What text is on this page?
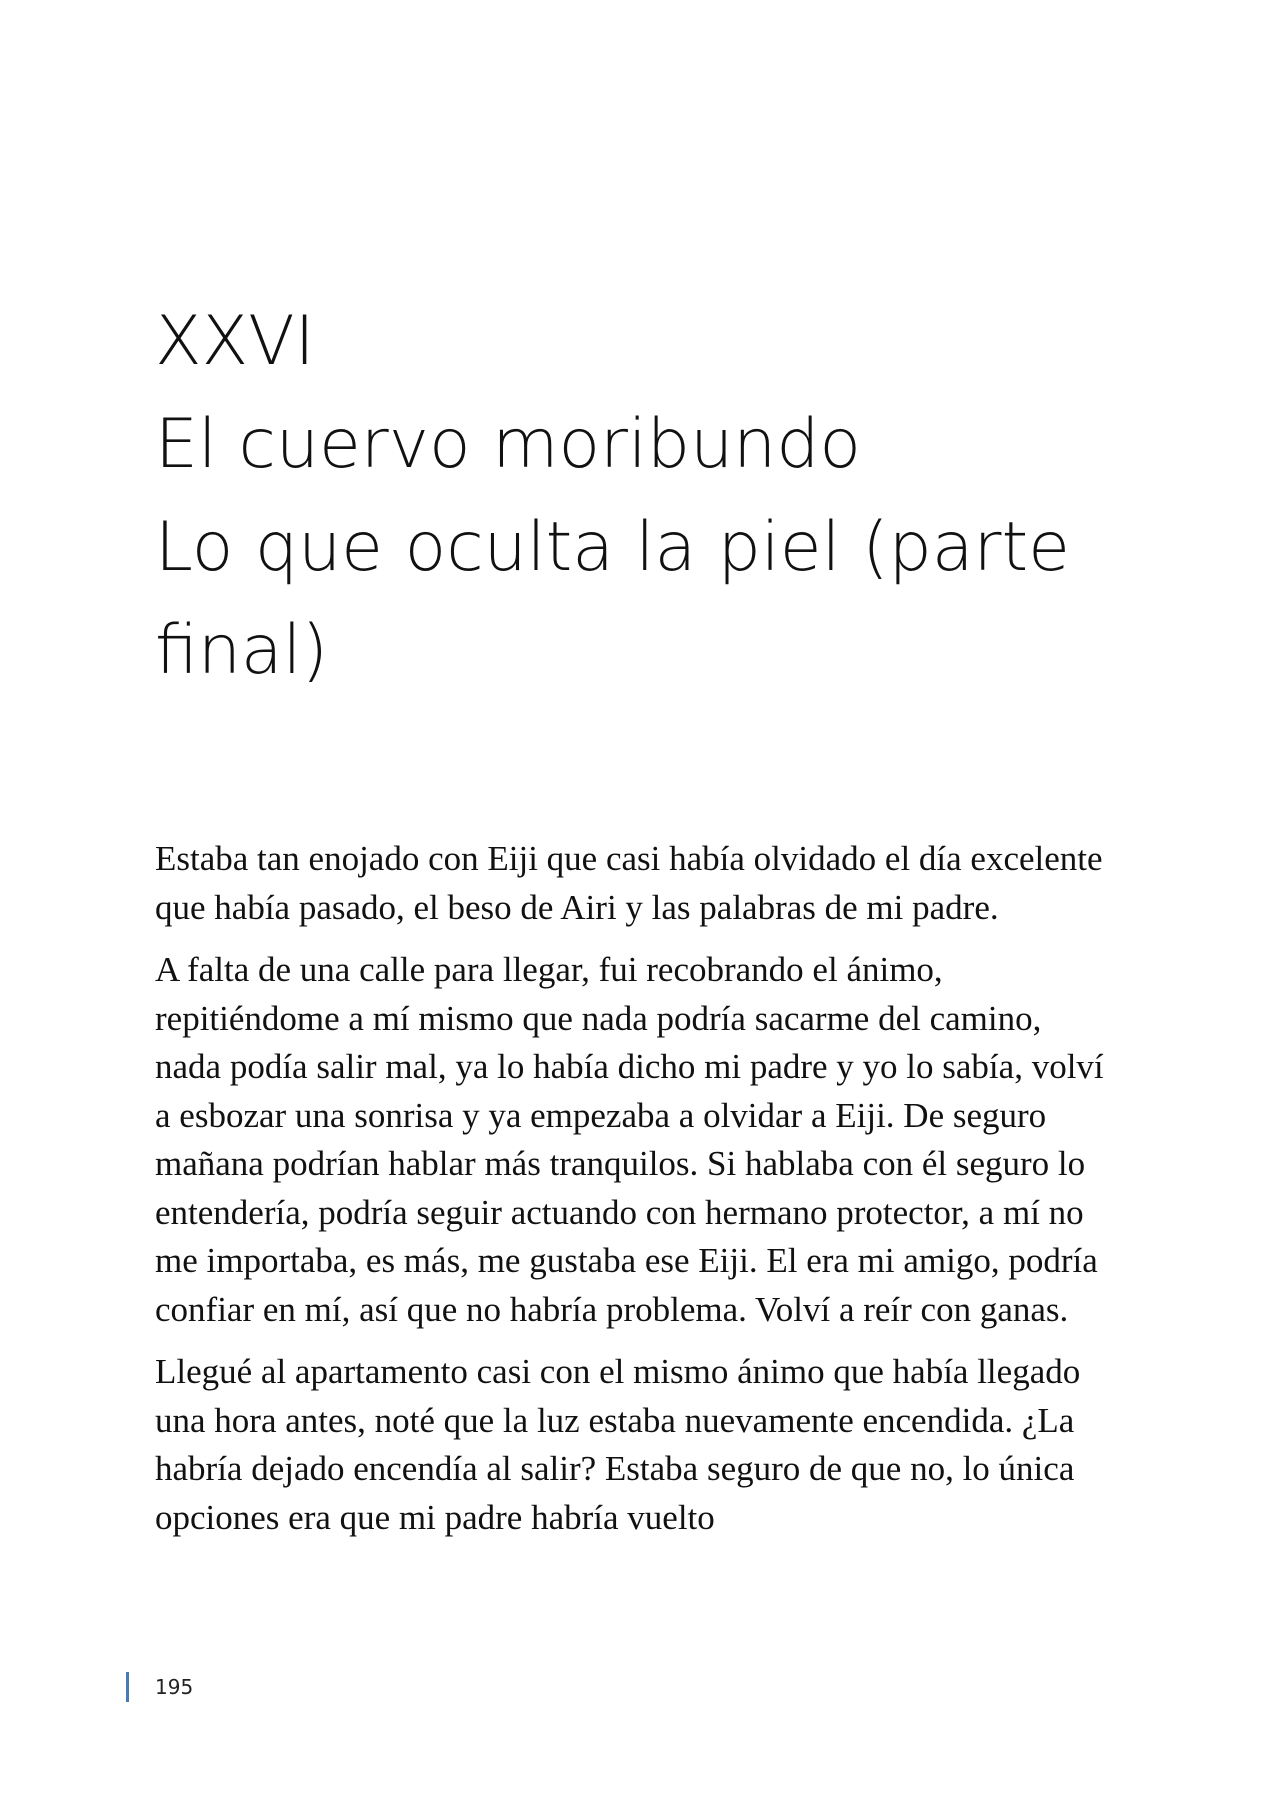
XXVI
El cuervo moribundo
Lo que oculta la piel (parte
final)

Estaba tan enojado con Eiji que casi había olvidado el día excelente que había pasado, el beso de Airi y las palabras de mi padre.

A falta de una calle para llegar, fui recobrando el ánimo, repitiéndome a mí mismo que nada podría sacarme del camino, nada podía salir mal, ya lo había dicho mi padre y yo lo sabía, volví a esbozar una sonrisa y ya empezaba a olvidar a Eiji. De seguro mañana podrían hablar más tranquilos. Si hablaba con él seguro lo entendería, podría seguir actuando con hermano protector, a mí no me importaba, es más, me gustaba ese Eiji. El era mi amigo, podría confiar en mí, así que no habría problema. Volví a reír con ganas.

Llegué al apartamento casi con el mismo ánimo que había llegado una hora antes, noté que la luz estaba nuevamente encendida. ¿La habría dejado encendía al salir? Estaba seguro de que no, lo única opciones era que mi padre habría vuelto

195
